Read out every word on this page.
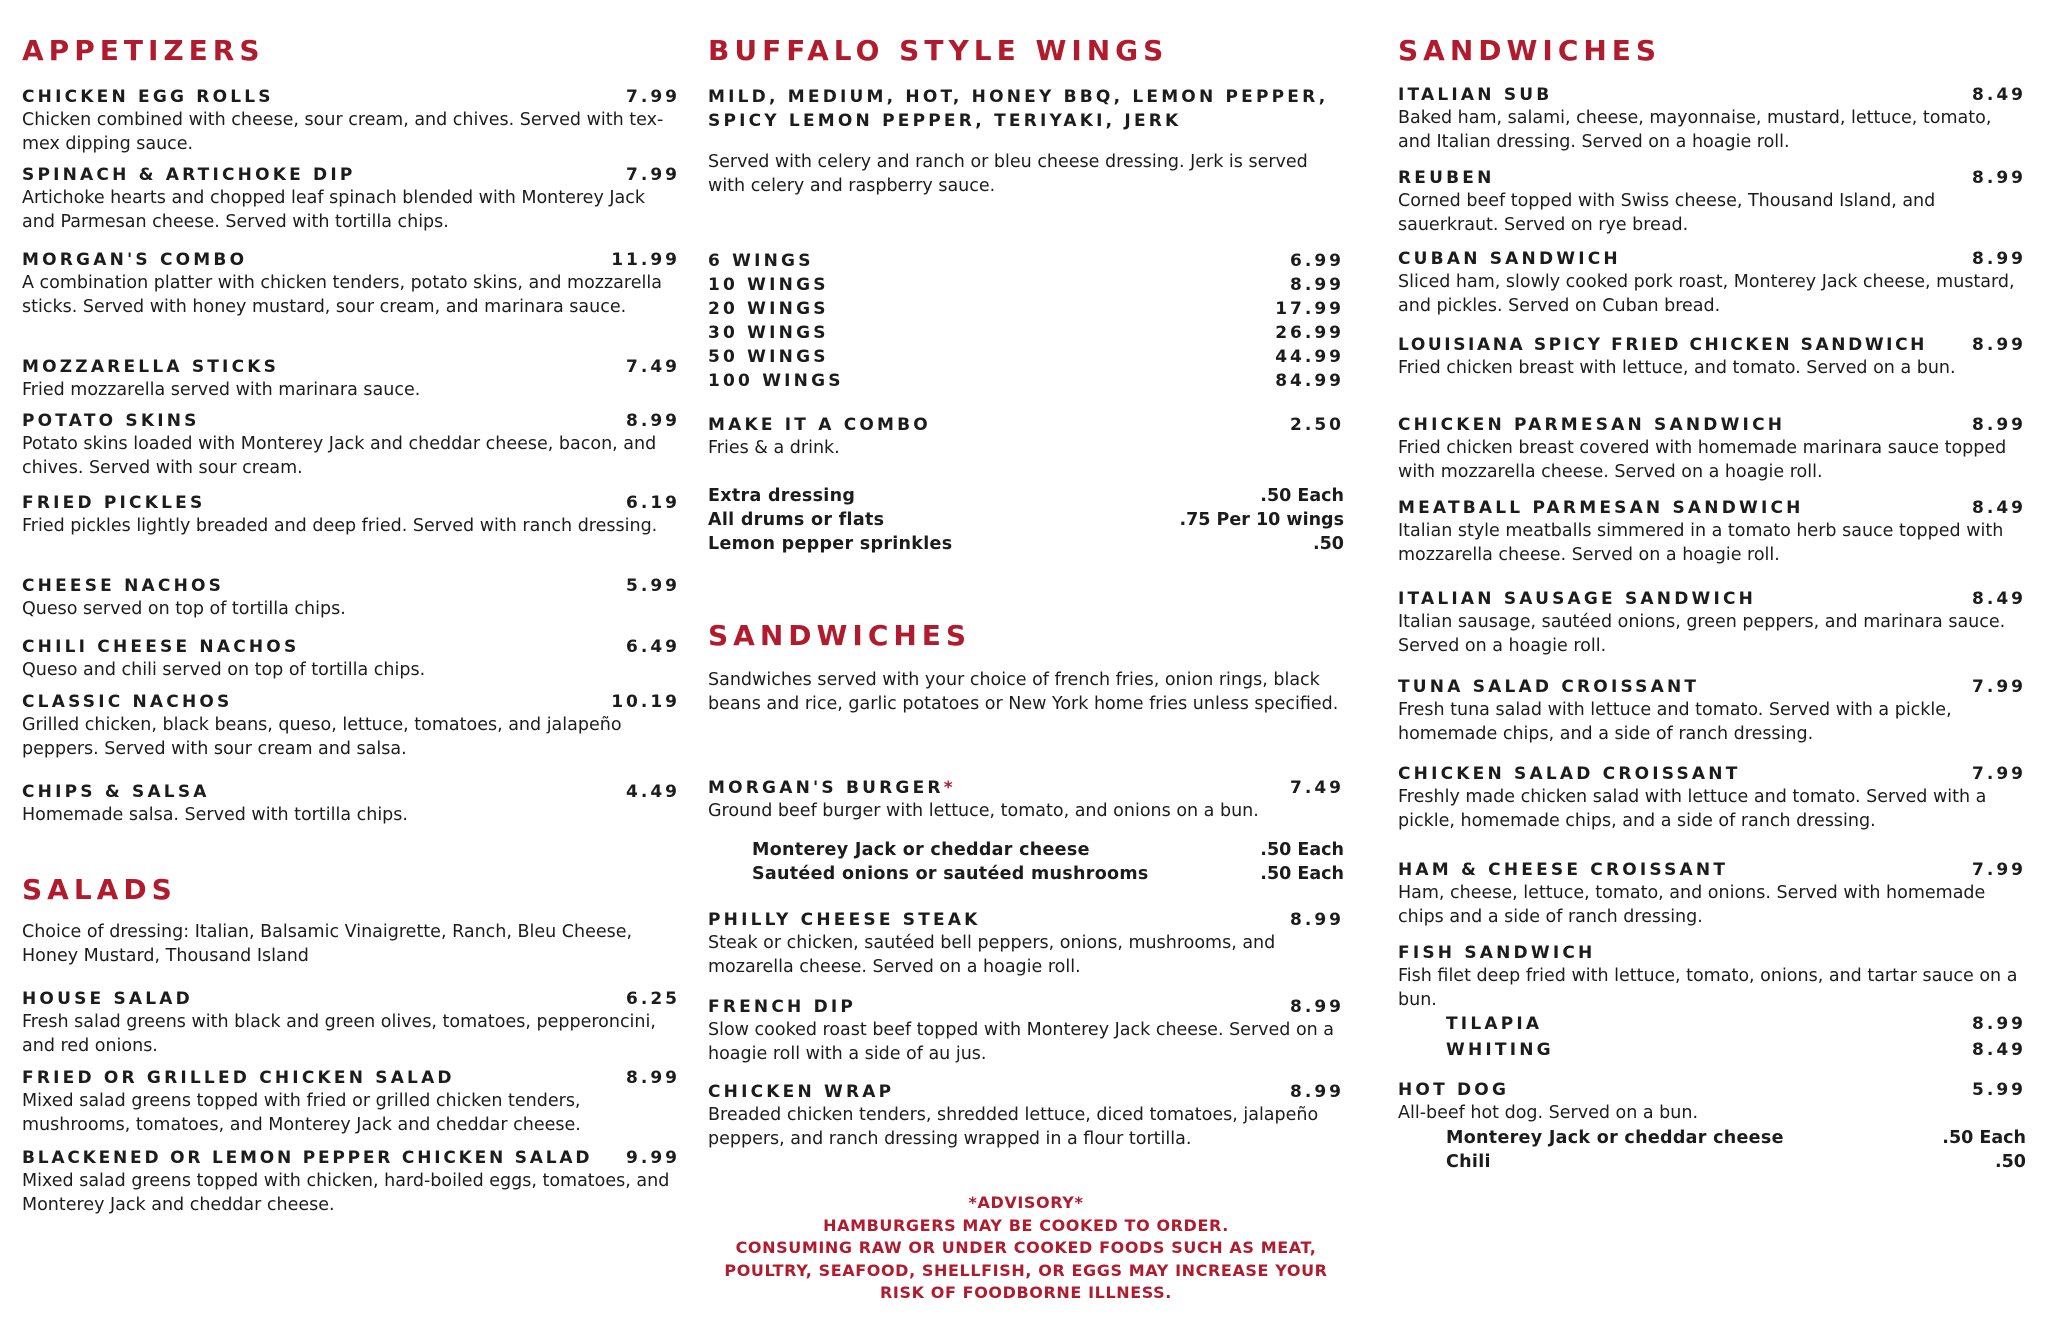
APPETIZERS
CHICKEN EGG ROLLS	7.99
Chicken combined with cheese, sour cream, and chives. Served with tex-mex dipping sauce.
SPINACH & ARTICHOKE DIP	7.99
Artichoke hearts and chopped leaf spinach blended with Monterey Jack and Parmesan cheese. Served with tortilla chips.
MORGAN'S COMBO	11.99
A combination platter with chicken tenders, potato skins, and mozzarella sticks. Served with honey mustard, sour cream, and marinara sauce.
MOZZARELLA STICKS	7.49
Fried mozzarella served with marinara sauce.
POTATO SKINS	8.99
Potato skins loaded with Monterey Jack and cheddar cheese, bacon, and chives. Served with sour cream.
FRIED PICKLES	6.19
Fried pickles lightly breaded and deep fried. Served with ranch dressing.
CHEESE NACHOS	5.99
Queso served on top of tortilla chips.
CHILI CHEESE NACHOS	6.49
Queso and chili served on top of tortilla chips.
CLASSIC NACHOS	10.19
Grilled chicken, black beans, queso, lettuce, tomatoes, and jalapeño peppers. Served with sour cream and salsa.
CHIPS & SALSA	4.49
Homemade salsa. Served with tortilla chips.
SALADS
Choice of dressing: Italian, Balsamic Vinaigrette, Ranch, Bleu Cheese, Honey Mustard, Thousand Island
HOUSE SALAD	6.25
Fresh salad greens with black and green olives, tomatoes, pepperoncini, and red onions.
FRIED OR GRILLED CHICKEN SALAD	8.99
Mixed salad greens topped with fried or grilled chicken tenders, mushrooms, tomatoes, and Monterey Jack and cheddar cheese.
BLACKENED OR LEMON PEPPER CHICKEN SALAD 9.99
Mixed salad greens topped with chicken, hard-boiled eggs, tomatoes, and Monterey Jack and cheddar cheese.
BUFFALO STYLE WINGS
MILD, MEDIUM, HOT, HONEY BBQ, LEMON PEPPER, SPICY LEMON PEPPER, TERIYAKI, JERK
Served with celery and ranch or bleu cheese dressing. Jerk is served with celery and raspberry sauce.
6 WINGS	6.99
10 WINGS	8.99
20 WINGS	17.99
30 WINGS	26.99
50 WINGS	44.99
100 WINGS	84.99
MAKE IT A COMBO	2.50
Fries & a drink.
Extra dressing	.50 Each
All drums or flats	.75 Per 10 wings
Lemon pepper sprinkles	.50
SANDWICHES
Sandwiches served with your choice of french fries, onion rings, black beans and rice, garlic potatoes or New York home fries unless specified.
MORGAN'S BURGER*	7.49
Ground beef burger with lettuce, tomato, and onions on a bun.
Monterey Jack or cheddar cheese	.50 Each
Sautéed onions or sautéed mushrooms	.50 Each
PHILLY CHEESE STEAK	8.99
Steak or chicken, sautéed bell peppers, onions, mushrooms, and mozarella cheese. Served on a hoagie roll.
FRENCH DIP	8.99
Slow cooked roast beef topped with Monterey Jack cheese. Served on a hoagie roll with a side of au jus.
CHICKEN WRAP	8.99
Breaded chicken tenders, shredded lettuce, diced tomatoes, jalapeño peppers, and ranch dressing wrapped in a flour tortilla.
*ADVISORY*
HAMBURGERS MAY BE COOKED TO ORDER.
CONSUMING RAW OR UNDER COOKED FOODS SUCH AS MEAT, POULTRY, SEAFOOD, SHELLFISH, OR EGGS MAY INCREASE YOUR RISK OF FOODBORNE ILLNESS.
SANDWICHES
ITALIAN SUB	8.49
Baked ham, salami, cheese, mayonnaise, mustard, lettuce, tomato, and Italian dressing. Served on a hoagie roll.
REUBEN	8.99
Corned beef topped with Swiss cheese, Thousand Island, and sauerkraut. Served on rye bread.
CUBAN SANDWICH	8.99
Sliced ham, slowly cooked pork roast, Monterey Jack cheese, mustard, and pickles. Served on Cuban bread.
LOUISIANA SPICY FRIED CHICKEN SANDWICH	8.99
Fried chicken breast with lettuce, and tomato. Served on a bun.
CHICKEN PARMESAN SANDWICH	8.99
Fried chicken breast covered with homemade marinara sauce topped with mozzarella cheese. Served on a hoagie roll.
MEATBALL PARMESAN SANDWICH	8.49
Italian style meatballs simmered in a tomato herb sauce topped with mozzarella cheese. Served on a hoagie roll.
ITALIAN SAUSAGE SANDWICH	8.49
Italian sausage, sautéed onions, green peppers, and marinara sauce. Served on a hoagie roll.
TUNA SALAD CROISSANT	7.99
Fresh tuna salad with lettuce and tomato. Served with a pickle, homemade chips, and a side of ranch dressing.
CHICKEN SALAD CROISSANT	7.99
Freshly made chicken salad with lettuce and tomato. Served with a pickle, homemade chips, and a side of ranch dressing.
HAM & CHEESE CROISSANT	7.99
Ham, cheese, lettuce, tomato, and onions. Served with homemade chips and a side of ranch dressing.
FISH SANDWICH
Fish filet deep fried with lettuce, tomato, onions, and tartar sauce on a bun.
TILAPIA	8.99
WHITING	8.49
HOT DOG	5.99
All-beef hot dog. Served on a bun.
Monterey Jack or cheddar cheese	.50 Each
Chili	.50
